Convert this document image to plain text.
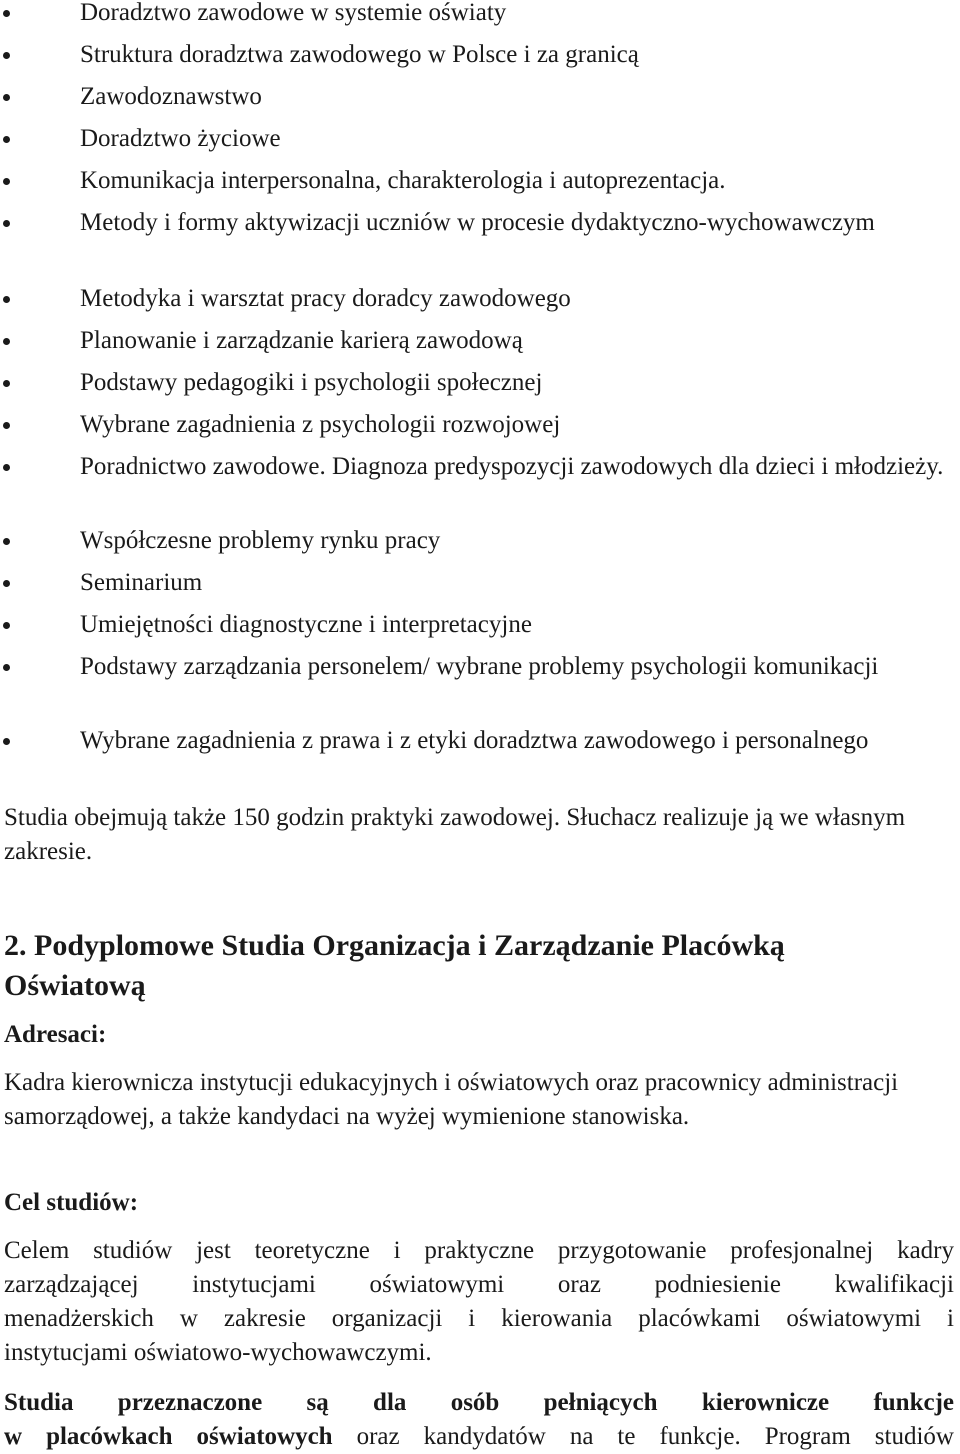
Doradztwo zawodowe w systemie oświaty

Struktura doradztwa zawodowego w Polsce i za granicą

Zawodoznawstwo

Doradztwo życiowe

Komunikacja interpersonalna, charakterologia i autoprezentacja.

Metody i formy aktywizacji uczniów w procesie dydaktyczno-wychowawczym

Metodyka i warsztat pracy doradcy zawodowego

Planowanie i zarządzanie karierą zawodową

Podstawy pedagogiki i psychologii społecznej

Wybrane zagadnienia z psychologii rozwojowej

Poradnictwo zawodowe. Diagnoza predyspozycji zawodowych dla dzieci i młodzieży.

Współczesne problemy rynku pracy

Seminarium

Umiejętności diagnostyczne i interpretacyjne

Podstawy zarządzania personelem/ wybrane problemy psychologii komunikacji

Wybrane zagadnienia z prawa i z etyki doradztwa zawodowego i personalnego

Studia obejmują także 150 godzin praktyki zawodowej. Słuchacz realizuje ją we własnym zakresie.

2. Podyplomowe Studia Organizacja i Zarządzanie Placówką Oświatową

Adresaci:

Kadra kierownicza instytucji edukacyjnych i oświatowych oraz pracownicy administracji samorządowej, a także kandydaci na wyżej wymienione stanowiska.

Cel studiów:

Celem studiów jest teoretyczne i praktyczne przygotowanie profesjonalnej kadry

zarządzającej instytucjami oświatowymi oraz podniesienie kwalifikacji

menadżerskich w zakresie organizacji i kierowania placówkami oświatowymi i

instytucjami oświatowo-wychowawczymi.

Studia przeznaczone są dla osób pełniących kierownicze funkcje

w placówkach oświatowych oraz kandydatów na te funkcje. Program studiów
